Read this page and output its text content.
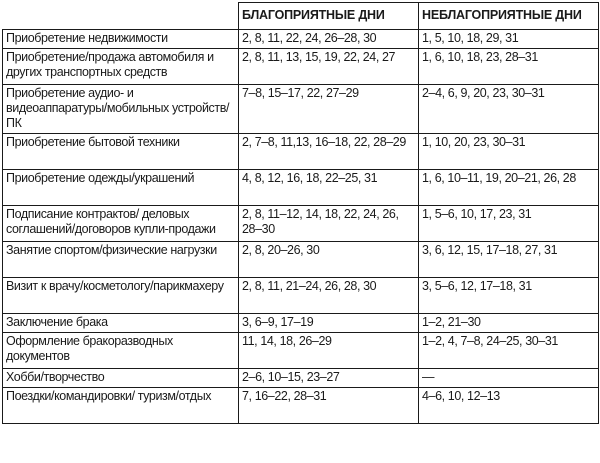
	БЛАГОПРИЯТНЫЕ ДНИ	НЕБЛАГОПРИЯТНЫЕ ДНИ
Приобретение недвижимости	2, 8, 11, 22, 24, 26–28, 30	1, 5, 10, 18, 29, 31
Приобретение/продажа автомобиля и других транспортных средств	2, 8, 11, 13, 15, 19, 22, 24, 27	1, 6, 10, 18, 23, 28–31
Приобретение аудио- и видеоаппаратуры/мобильных устройств/ПК	7–8, 15–17, 22, 27–29	2–4, 6, 9, 20, 23, 30–31
Приобретение бытовой техники	2, 7–8, 11,13, 16–18, 22, 28–29	1, 10, 20, 23, 30–31
Приобретение одежды/украшений	4, 8, 12, 16, 18, 22–25, 31	1, 6, 10–11, 19, 20–21, 26, 28
Подписание контрактов/ деловых соглашений/договоров купли-продажи	2, 8, 11–12, 14, 18, 22, 24, 26, 28–30	1, 5–6, 10, 17, 23, 31
Занятие спортом/физические нагрузки	2, 8, 20–26, 30	3, 6, 12, 15, 17–18, 27, 31
Визит к врачу/косметологу/парикмахеру	2, 8, 11, 21–24, 26, 28, 30	3, 5–6, 12, 17–18, 31
Заключение брака	3, 6–9, 17–19	1–2, 21–30
Оформление бракоразводных документов	11, 14, 18, 26–29	1–2, 4, 7–8, 24–25, 30–31
Хобби/творчество	2–6, 10–15, 23–27	—
Поездки/командировки/ туризм/отдых	7, 16–22, 28–31	4–6, 10, 12–13
